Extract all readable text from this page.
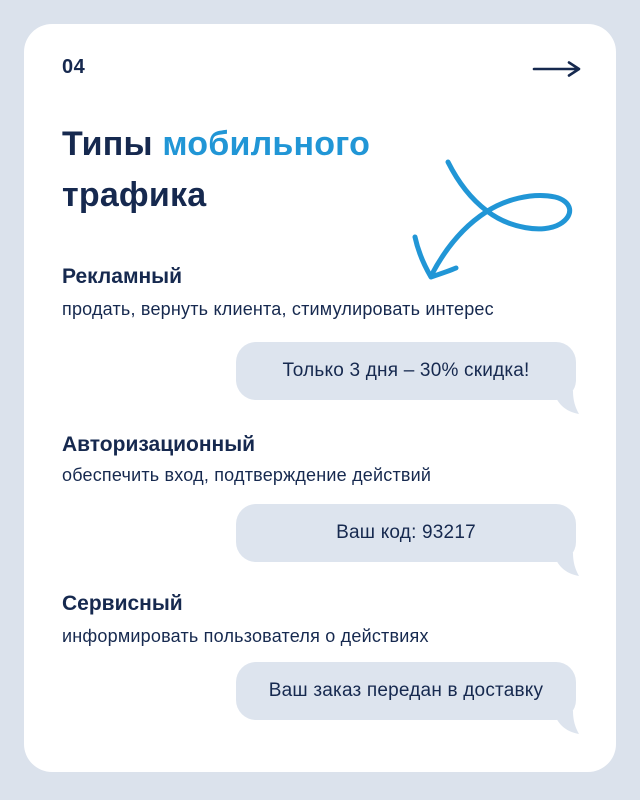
04
Типы мобильного
трафика
Рекламный
продать, вернуть клиента, стимулировать интерес
Только 3 дня – 30% скидка!
Авторизационный
обеспечить вход, подтверждение действий
Ваш код: 93217
Сервисный
информировать пользователя о действиях
Ваш заказ передан в доставку
